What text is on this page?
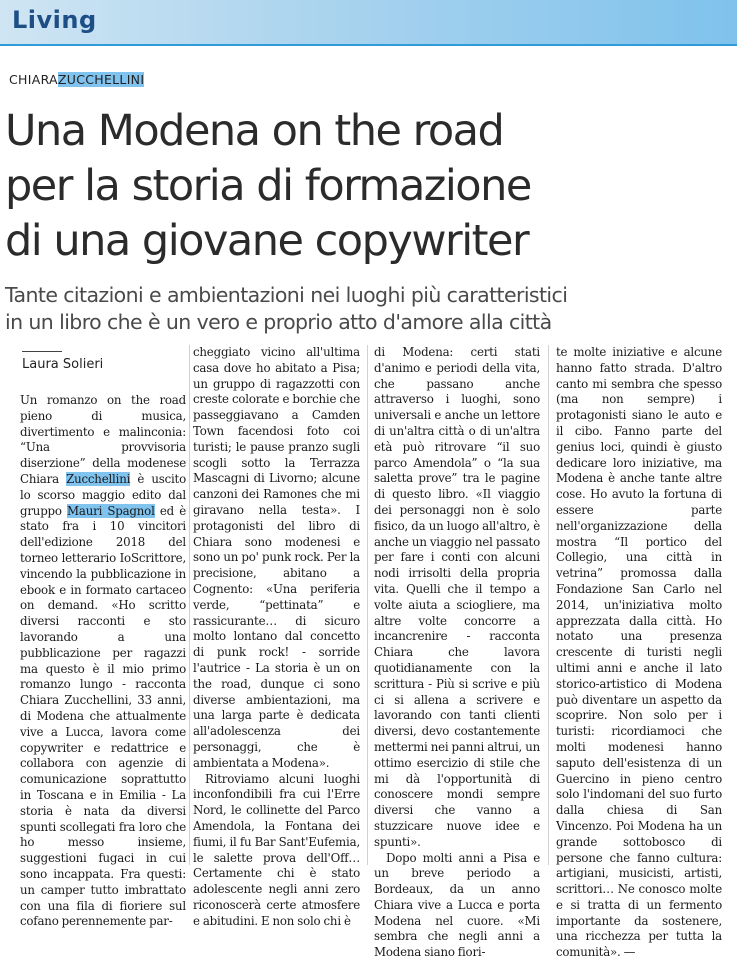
Living
CHIARAZUCCHELLINI
Una Modena on the road
per la storia di formazione
di una giovane copywriter
Tante citazioni e ambientazioni nei luoghi più caratteristici
in un libro che è un vero e proprio atto d'amore alla città
Laura Solieri

Un romanzo on the road pieno di musica, divertimento e malinconia: “Una provvisoria diserzione” della modenese Chiara Zucchellini è uscito lo scorso maggio edito dal gruppo Mauri Spagnol ed è stato fra i 10 vincitori dell'edizione 2018 del torneo letterario IoScrittore, vincendo la pubblicazione in ebook e in formato cartaceo on demand. «Ho scritto diversi racconti e sto lavorando a una pubblicazione per ragazzi ma questo è il mio primo romanzo lungo - racconta Chiara Zucchellini, 33 anni, di Modena che attualmente vive a Lucca, lavora come copywriter e redattrice e collabora con agenzie di comunicazione soprattutto in Toscana e in Emilia - La storia è nata da diversi spunti scollegati fra loro che ho messo insieme, suggestioni fugaci in cui sono incappata. Fra questi: un camper tutto imbrattato con una fila di fioriere sul cofano perennemente par-

cheggiato vicino all'ultima casa dove ho abitato a Pisa; un gruppo di ragazzotti con creste colorate e borchie che passeggiavano a Camden Town facendosi foto coi turisti; le pause pranzo sugli scogli sotto la Terrazza Mascagni di Livorno; alcune canzoni dei Ramones che mi giravano nella testa». I protagonisti del libro di Chiara sono modenesi e sono un po' punk rock. Per la precisione, abitano a Cognento: «Una periferia verde, “pettinata” e rassicurante… di sicuro molto lontano dal concetto di punk rock! - sorride l'autrice - La storia è un on the road, dunque ci sono diverse ambientazioni, ma una larga parte è dedicata all'adolescenza dei personaggi, che è ambientata a Modena».

Ritroviamo alcuni luoghi inconfondibili fra cui l'Erre Nord, le collinette del Parco Amendola, la Fontana dei fiumi, il fu Bar Sant'Eufemia, le salette prova dell'Off… Certamente chi è stato adolescente negli anni zero riconoscerà certe atmosfere e abitudini. E non solo chi è

di Modena: certi stati d'animo e periodi della vita, che passano anche attraverso i luoghi, sono universali e anche un lettore di un'altra città o di un'altra età può ritrovare “il suo parco Amendola” o “la sua saletta prove” tra le pagine di questo libro. «Il viaggio dei personaggi non è solo fisico, da un luogo all'altro, è anche un viaggio nel passato per fare i conti con alcuni nodi irrisolti della propria vita. Quelli che il tempo a volte aiuta a sciogliere, ma altre volte concorre a incancrenire - racconta Chiara che lavora quotidianamente con la scrittura - Più si scrive e più ci si allena a scrivere e lavorando con tanti clienti diversi, devo costantemente mettermi nei panni altrui, un ottimo esercizio di stile che mi dà l'opportunità di conoscere mondi sempre diversi che vanno a stuzzicare nuove idee e spunti».

Dopo molti anni a Pisa e un breve periodo a Bordeaux, da un anno Chiara vive a Lucca e porta Modena nel cuore. «Mi sembra che negli anni a Modena siano fiori-

te molte iniziative e alcune hanno fatto strada. D'altro canto mi sembra che spesso (ma non sempre) i protagonisti siano le auto e il cibo. Fanno parte del genius loci, quindi è giusto dedicare loro iniziative, ma Modena è anche tante altre cose. Ho avuto la fortuna di essere parte nell'organizzazione della mostra “Il portico del Collegio, una città in vetrina” promossa dalla Fondazione San Carlo nel 2014, un'iniziativa molto apprezzata dalla città. Ho notato una presenza crescente di turisti negli ultimi anni e anche il lato storico-artistico di Modena può diventare un aspetto da scoprire. Non solo per i turisti: ricordiamoci che molti modenesi hanno saputo dell'esistenza di un Guercino in pieno centro solo l'indomani del suo furto dalla chiesa di San Vincenzo. Poi Modena ha un grande sottobosco di persone che fanno cultura: artigiani, musicisti, artisti, scrittori… Ne conosco molte e si tratta di un fermento importante da sostenere, una ricchezza per tutta la comunità». —
